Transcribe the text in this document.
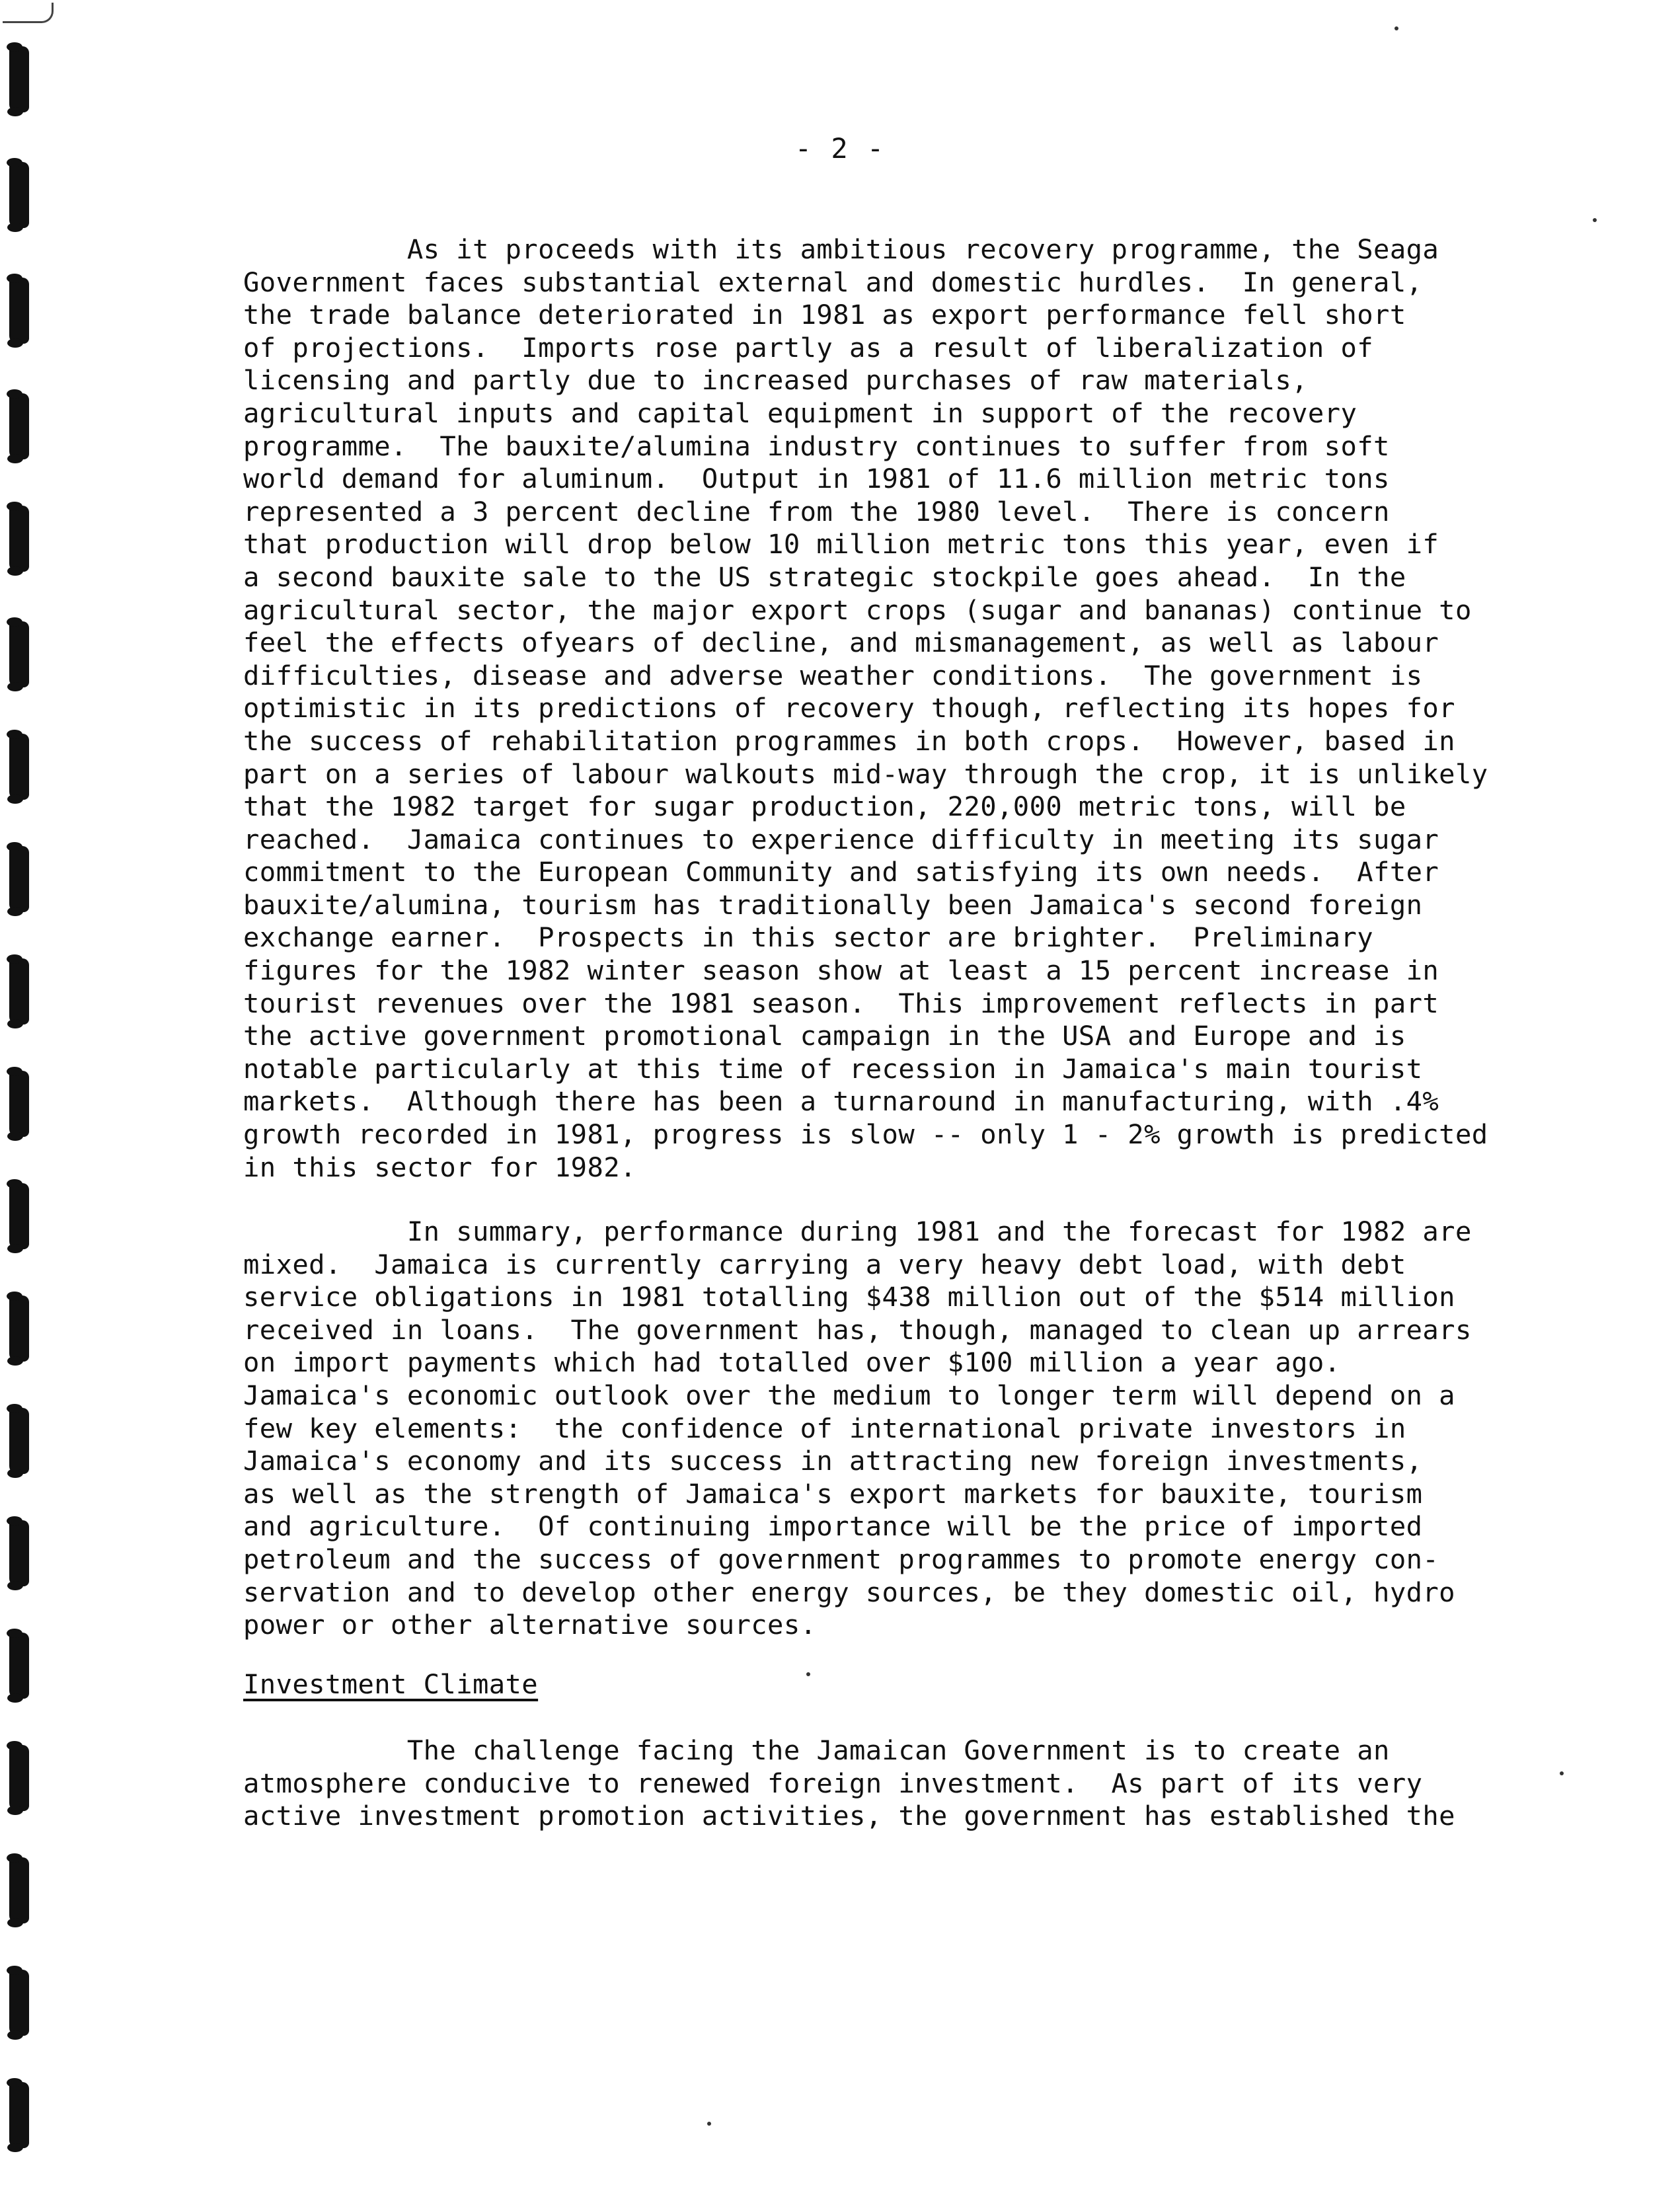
- 2 -
As it proceeds with its ambitious recovery programme, the Seaga
Government faces substantial external and domestic hurdles.  In general,
the trade balance deteriorated in 1981 as export performance fell short
of projections.  Imports rose partly as a result of liberalization of
licensing and partly due to increased purchases of raw materials,
agricultural inputs and capital equipment in support of the recovery
programme.  The bauxite/alumina industry continues to suffer from soft
world demand for aluminum.  Output in 1981 of 11.6 million metric tons
represented a 3 percent decline from the 1980 level.  There is concern
that production will drop below 10 million metric tons this year, even if
a second bauxite sale to the US strategic stockpile goes ahead.  In the
agricultural sector, the major export crops (sugar and bananas) continue to
feel the effects ofyears of decline, and mismanagement, as well as labour
difficulties, disease and adverse weather conditions.  The government is
optimistic in its predictions of recovery though, reflecting its hopes for
the success of rehabilitation programmes in both crops.  However, based in
part on a series of labour walkouts mid-way through the crop, it is unlikely
that the 1982 target for sugar production, 220,000 metric tons, will be
reached.  Jamaica continues to experience difficulty in meeting its sugar
commitment to the European Community and satisfying its own needs.  After
bauxite/alumina, tourism has traditionally been Jamaica's second foreign
exchange earner.  Prospects in this sector are brighter.  Preliminary
figures for the 1982 winter season show at least a 15 percent increase in
tourist revenues over the 1981 season.  This improvement reflects in part
the active government promotional campaign in the USA and Europe and is
notable particularly at this time of recession in Jamaica's main tourist
markets.  Although there has been a turnaround in manufacturing, with .4%
growth recorded in 1981, progress is slow -- only 1 - 2% growth is predicted
in this sector for 1982.
In summary, performance during 1981 and the forecast for 1982 are
mixed.  Jamaica is currently carrying a very heavy debt load, with debt
service obligations in 1981 totalling $438 million out of the $514 million
received in loans.  The government has, though, managed to clean up arrears
on import payments which had totalled over $100 million a year ago.
Jamaica's economic outlook over the medium to longer term will depend on a
few key elements:  the confidence of international private investors in
Jamaica's economy and its success in attracting new foreign investments,
as well as the strength of Jamaica's export markets for bauxite, tourism
and agriculture.  Of continuing importance will be the price of imported
petroleum and the success of government programmes to promote energy con-
servation and to develop other energy sources, be they domestic oil, hydro
power or other alternative sources.
Investment Climate
The challenge facing the Jamaican Government is to create an
atmosphere conducive to renewed foreign investment.  As part of its very
active investment promotion activities, the government has established the
